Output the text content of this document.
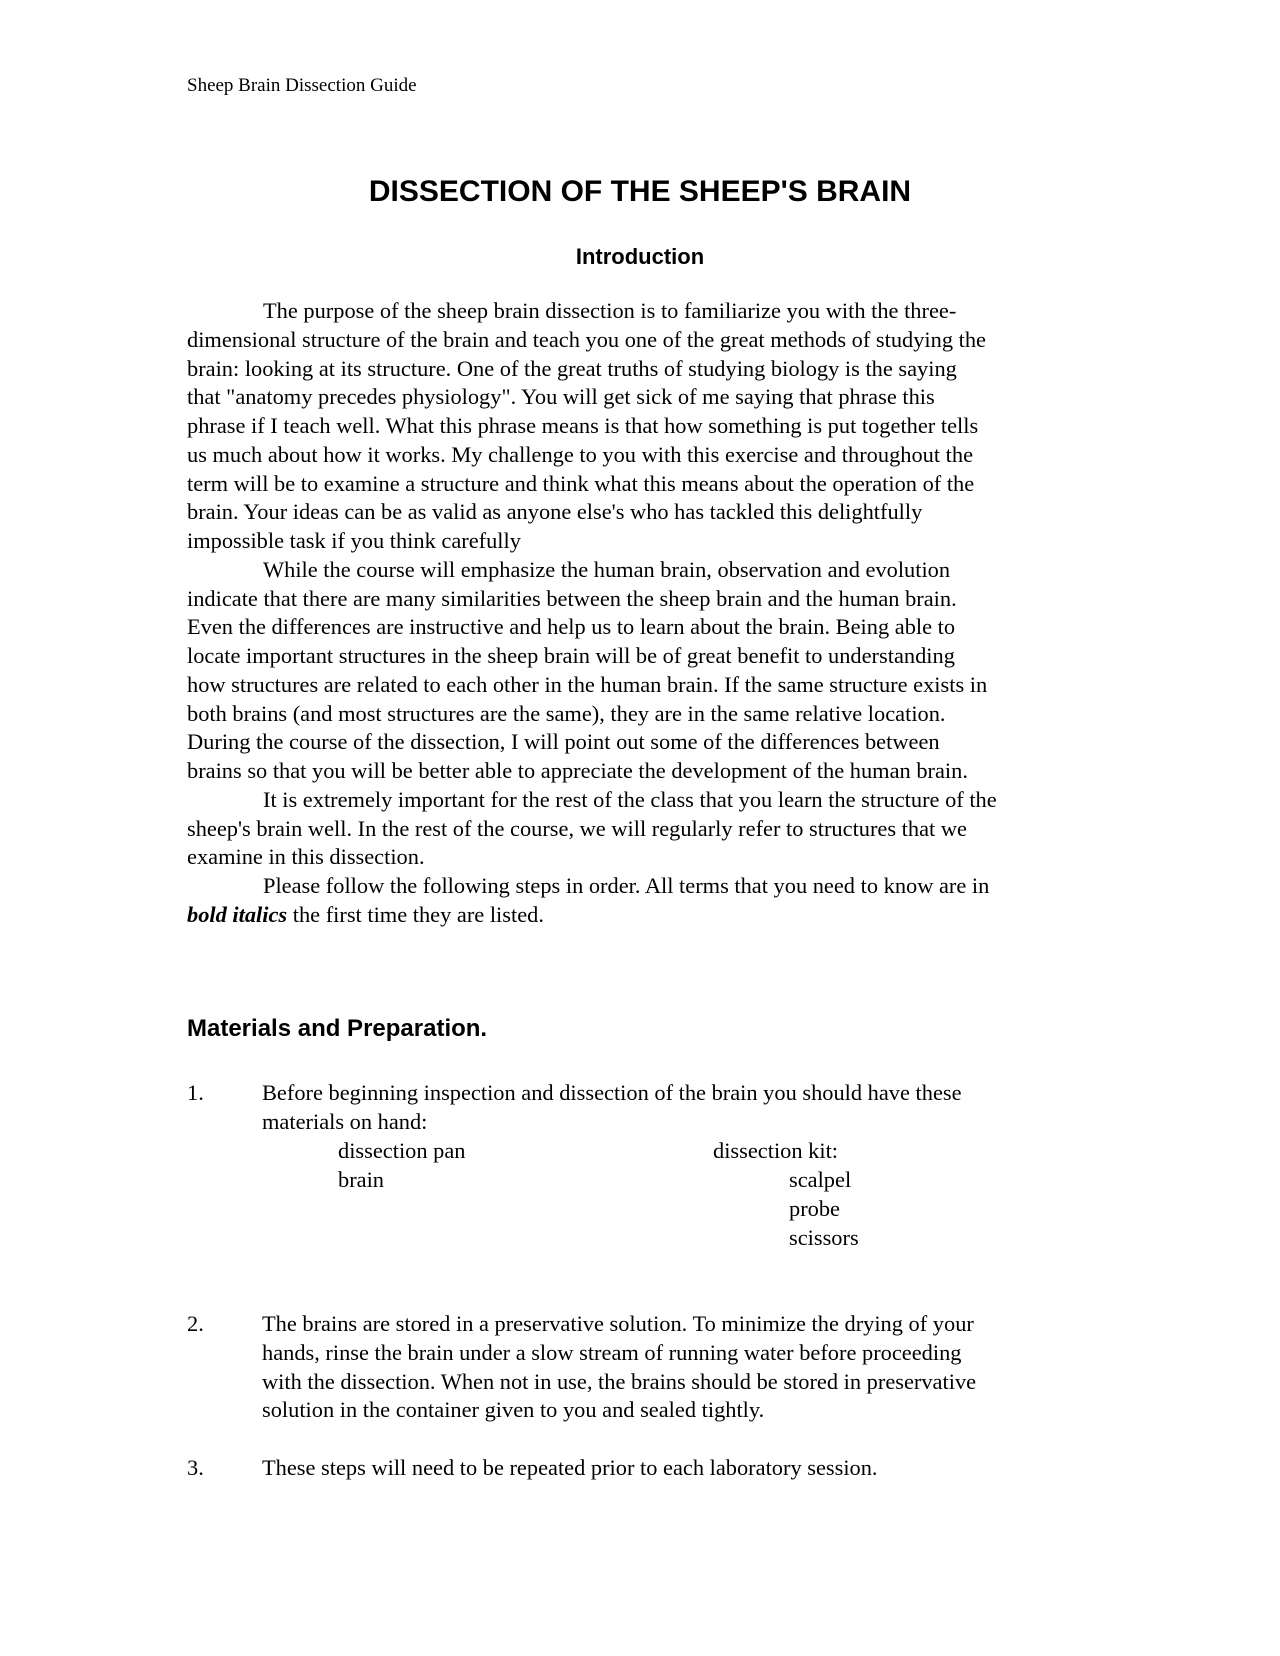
Sheep Brain Dissection Guide
DISSECTION OF THE SHEEP'S BRAIN
Introduction
The purpose of the sheep brain dissection is to familiarize you with the three-
dimensional structure of the brain and teach you one of the great methods of studying the
brain: looking at its structure. One of the great truths of studying biology is the saying
that "anatomy precedes physiology". You will get sick of me saying that phrase this
phrase if I teach well. What this phrase means is that how something is put together tells
us much about how it works. My challenge to you with this exercise and throughout the
term will be to examine a structure and think what this means about the operation of the
brain. Your ideas can be as valid as anyone else's who has tackled this delightfully
impossible task if you think carefully
While the course will emphasize the human brain, observation and evolution
indicate that there are many similarities between the sheep brain and the human brain.
Even the differences are instructive and help us to learn about the brain. Being able to
locate important structures in the sheep brain will be of great benefit to understanding
how structures are related to each other in the human brain. If the same structure exists in
both brains (and most structures are the same), they are in the same relative location.
During the course of the dissection, I will point out some of the differences between
brains so that you will be better able to appreciate the development of the human brain.
It is extremely important for the rest of the class that you learn the structure of the
sheep's brain well. In the rest of the course, we will regularly refer to structures that we
examine in this dissection.
Please follow the following steps in order. All terms that you need to know are in
bold italics the first time they are listed.
Materials and Preparation.
1.	Before beginning inspection and dissection of the brain you should have these
materials on hand:
dissection pan
brain
dissection kit:
scalpel
probe
scissors
2.	The brains are stored in a preservative solution. To minimize the drying of your
hands, rinse the brain under a slow stream of running water before proceeding
with the dissection. When not in use, the brains should be stored in preservative
solution in the container given to you and sealed tightly.
3.	These steps will need to be repeated prior to each laboratory session.
